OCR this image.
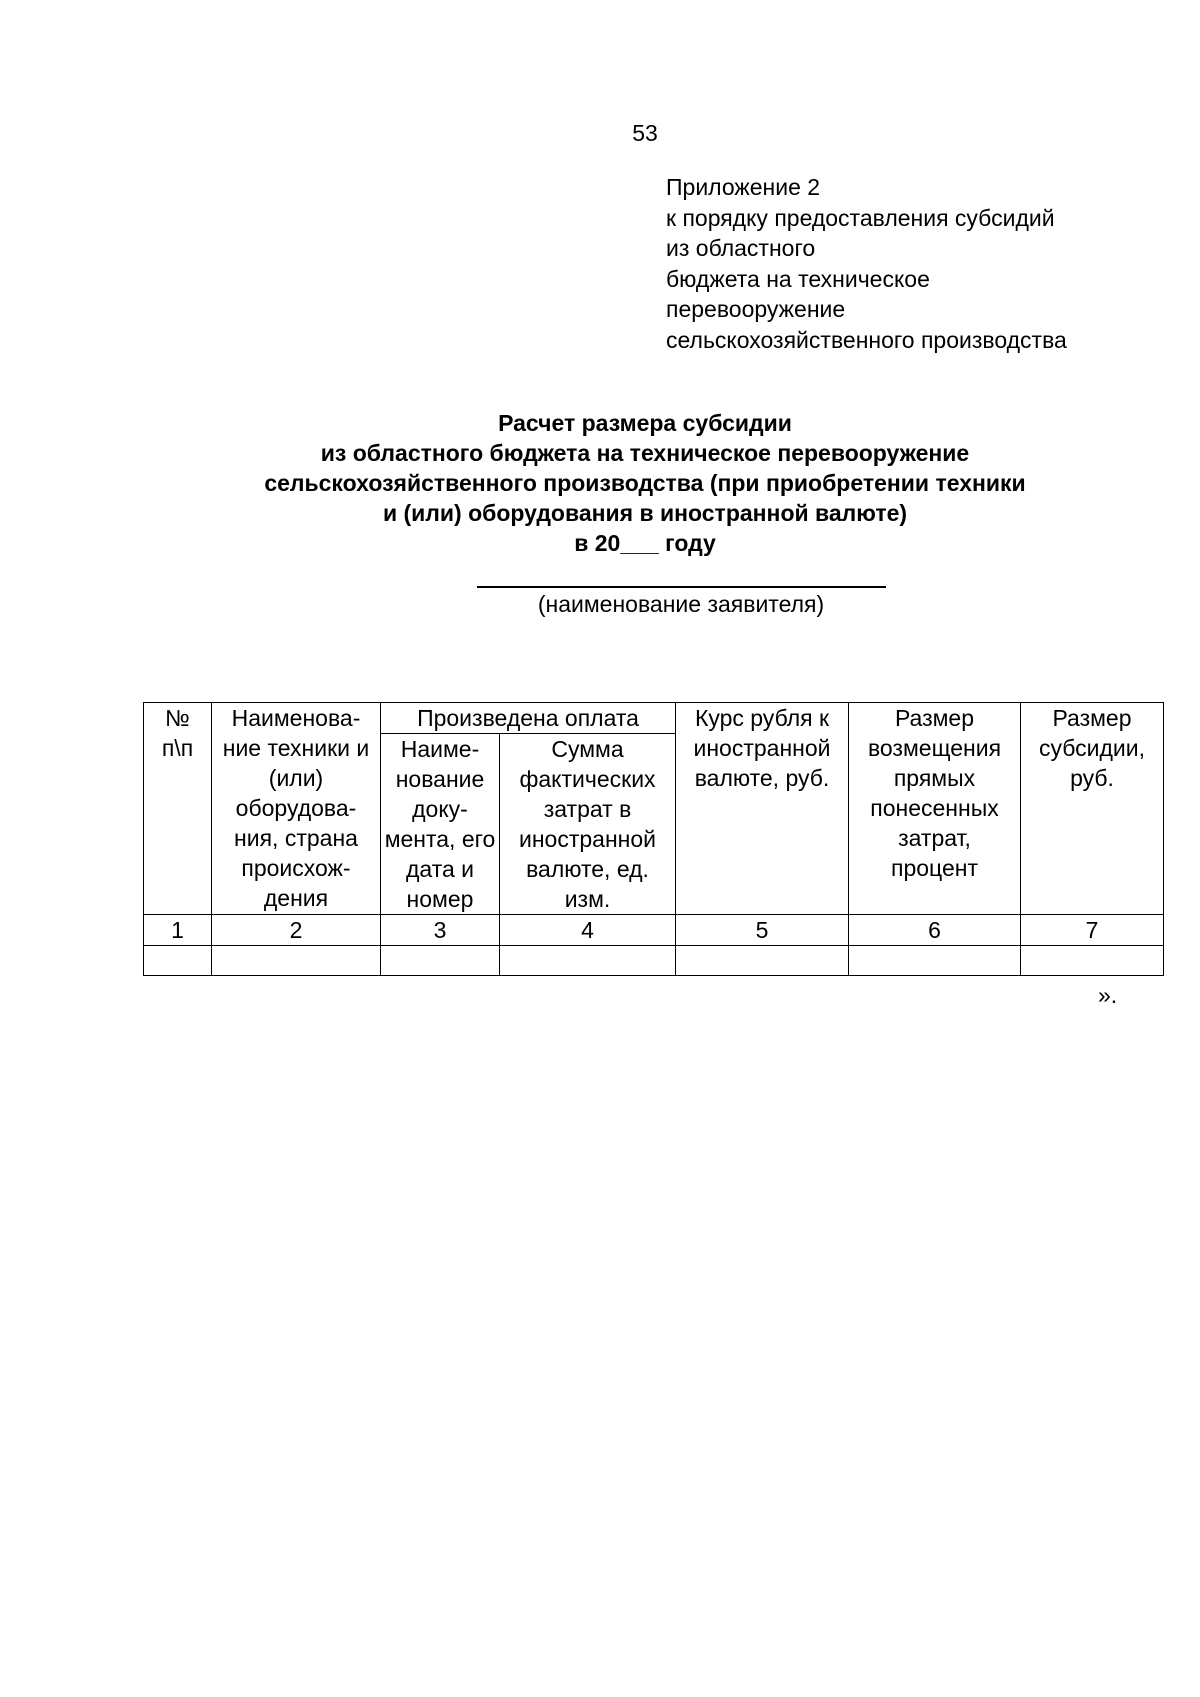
53
Приложение 2
к порядку предоставления субсидий
из областного
бюджета на техническое
перевооружение
сельскохозяйственного производства
Расчет размера субсидии
из областного бюджета на техническое перевооружение
сельскохозяйственного производства (при приобретении техники
и (или) оборудования в иностранной валюте)
в 20___ году
(наименование заявителя)
№ п\п	Наименова-ние техники и (или) оборудова-ния, страна происхож-дения	Произведена оплата		Курс рубля к иностранной валюте, руб.	Размер возмещения прямых понесенных затрат, процент	Размер субсидии, руб.
		Наиме-нование доку-мента, его дата и номер	Сумма фактических затрат в иностранной валюте, ед. изм.			
1	2	3	4	5	6	7

».
